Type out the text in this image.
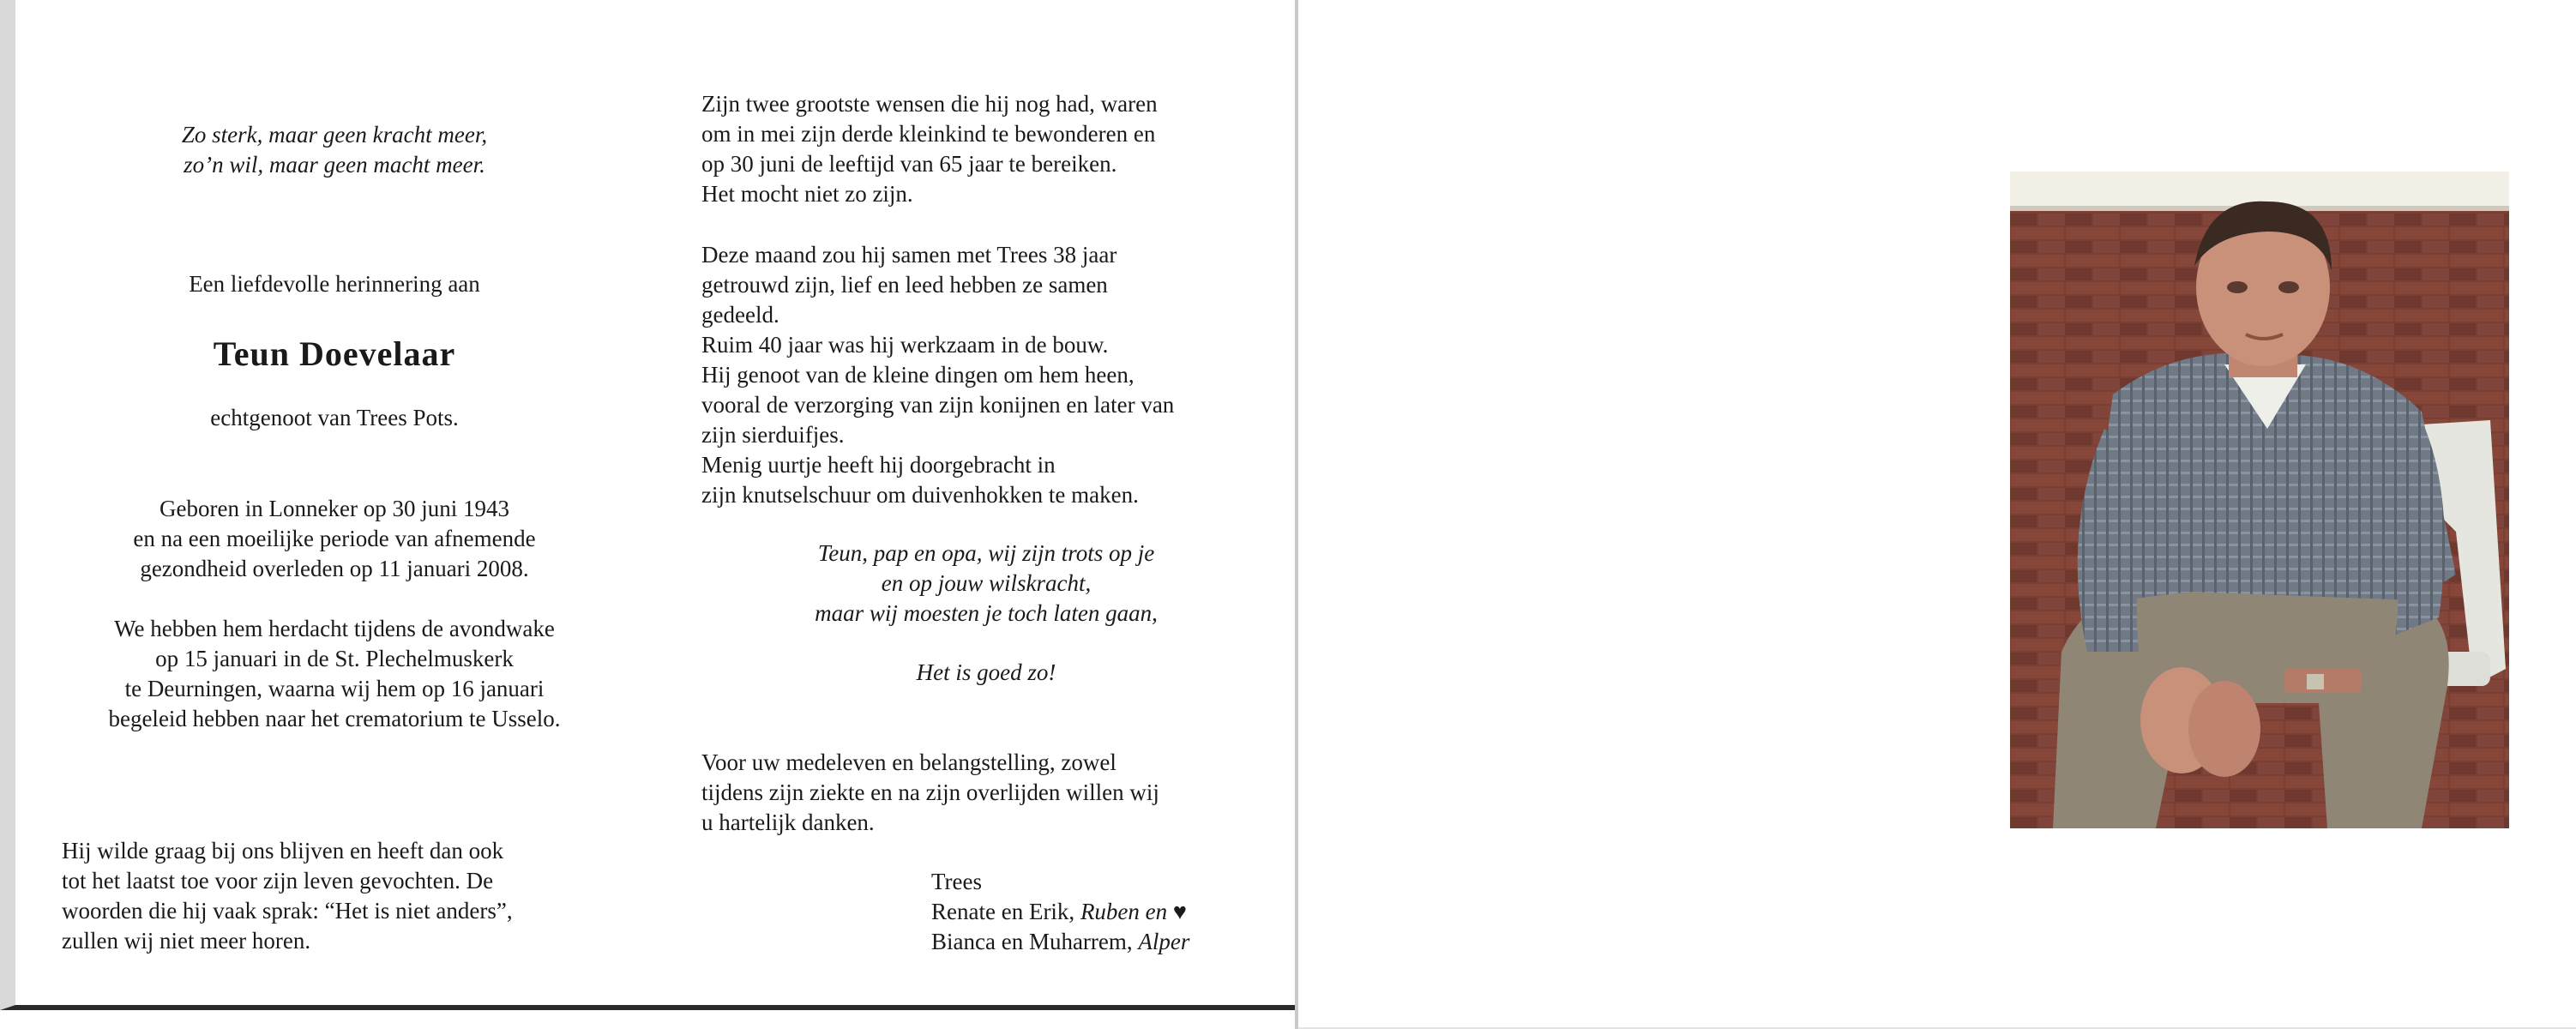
Zo sterk, maar geen kracht meer,
zo’n wil, maar geen macht meer.
Een liefdevolle herinnering aan
Teun Doevelaar
echtgenoot van Trees Pots.
Geboren in Lonneker op 30 juni 1943
en na een moeilijke periode van afnemende
gezondheid overleden op 11 januari 2008.
We hebben hem herdacht tijdens de avondwake
op 15 januari in de St. Plechelmuskerk
te Deurningen, waarna wij hem op 16 januari
begeleid hebben naar het crematorium te Usselo.
Hij wilde graag bij ons blijven en heeft dan ook
tot het laatst toe voor zijn leven gevochten. De
woorden die hij vaak sprak: “Het is niet anders”,
zullen wij niet meer horen.
Zijn twee grootste wensen die hij nog had, waren
om in mei zijn derde kleinkind te bewonderen en
op 30 juni de leeftijd van 65 jaar te bereiken.
Het mocht niet zo zijn.
Deze maand zou hij samen met Trees 38 jaar
getrouwd zijn, lief en leed hebben ze samen
gedeeld.
Ruim 40 jaar was hij werkzaam in de bouw.
Hij genoot van de kleine dingen om hem heen,
vooral de verzorging van zijn konijnen en later van
zijn sierduifjes.
Menig uurtje heeft hij doorgebracht in
zijn knutselschuur om duivenhokken te maken.
Teun, pap en opa, wij zijn trots op je
en op jouw wilskracht,
maar wij moesten je toch laten gaan,
Het is goed zo!
Voor uw medeleven en belangstelling, zowel
tijdens zijn ziekte en na zijn overlijden willen wij
u hartelijk danken.
Trees
Renate en Erik, Ruben en ♥
Bianca en Muharrem, Alper
